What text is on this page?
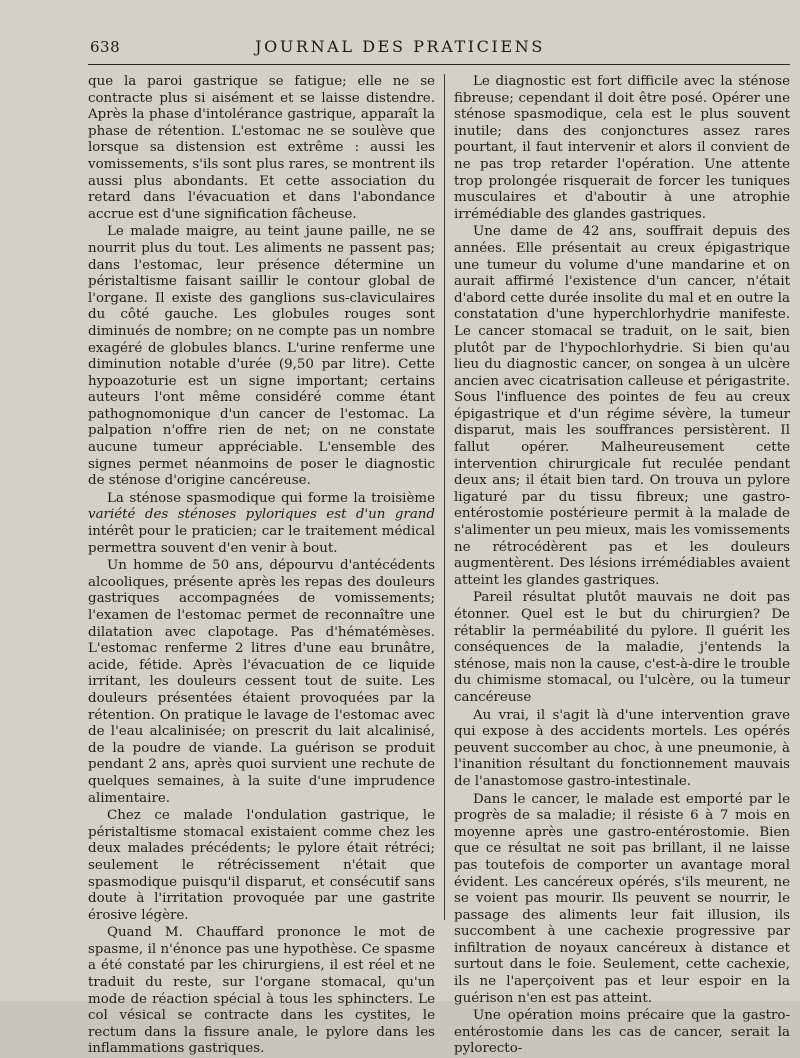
638	JOURNAL DES PRATICIENS

que la paroi gastrique se fatigue; elle ne se contracte plus si aisément et se laisse distendre. Après la phase d'intolérance gastrique, apparaît la phase de rétention. L'estomac ne se soulève que lorsque sa distension est extrême : aussi les vomissements, s'ils sont plus rares, se montrent ils aussi plus abondants. Et cette association du retard dans l'évacuation et dans l'abondance accrue est d'une signification fâcheuse.

Le malade maigre, au teint jaune paille, ne se nourrit plus du tout. Les aliments ne passent pas; dans l'estomac, leur présence détermine un péristaltisme faisant saillir le contour global de l'organe. Il existe des ganglions sus-claviculaires du côté gauche. Les globules rouges sont diminués de nombre; on ne compte pas un nombre exagéré de globules blancs. L'urine renferme une diminution notable d'urée (9,50 par litre). Cette hypoazoturie est un signe important; certains auteurs l'ont même considéré comme étant pathognomonique d'un cancer de l'estomac. La palpation n'offre rien de net; on ne constate aucune tumeur appréciable. L'ensemble des signes permet néanmoins de poser le diagnostic de sténose d'origine cancéreuse.

La sténose spasmodique qui forme la troisième variété des sténoses pyloriques est d'un grand intérêt pour le praticien; car le traitement médical permettra souvent d'en venir à bout.

Un homme de 50 ans, dépourvu d'antécédents alcooliques, présente après les repas des douleurs gastriques accompagnées de vomissements; l'examen de l'estomac permet de reconnaître une dilatation avec clapotage. Pas d'hématémèses. L'estomac renferme 2 litres d'une eau brunâtre, acide, fétide. Après l'évacuation de ce liquide irritant, les douleurs cessent tout de suite. Les douleurs présentées étaient provoquées par la rétention. On pratique le lavage de l'estomac avec de l'eau alcalinisée; on prescrit du lait alcalinisé, de la poudre de viande. La guérison se produit pendant 2 ans, après quoi survient une rechute de quelques semaines, à la suite d'une imprudence alimentaire.

Chez ce malade l'ondulation gastrique, le péristaltisme stomacal existaient comme chez les deux malades précédents; le pylore était rétréci; seulement le rétrécissement n'était que spasmodique puisqu'il disparut, et consécutif sans doute à l'irritation provoquée par une gastrite érosive légère.

Quand M. Chauffard prononce le mot de spasme, il n'énonce pas une hypothèse. Ce spasme a été constaté par les chirurgiens, il est réel et ne traduit du reste, sur l'organe stomacal, qu'un mode de réaction spécial à tous les sphincters. Le col vésical se contracte dans les cystites, le rectum dans la fissure anale, le pylore dans les inflammations gastriques.

Le diagnostic est fort difficile avec la sténose fibreuse; cependant il doit être posé. Opérer une sténose spasmodique, cela est le plus souvent inutile; dans des conjonctures assez rares pourtant, il faut intervenir et alors il convient de ne pas trop retarder l'opération. Une attente trop prolongée risquerait de forcer les tuniques musculaires et d'aboutir à une atrophie irrémédiable des glandes gastriques.

Une dame de 42 ans, souffrait depuis des années. Elle présentait au creux épigastrique une tumeur du volume d'une mandarine et on aurait affirmé l'existence d'un cancer, n'était d'abord cette durée insolite du mal et en outre la constatation d'une hyperchlorhydrie manifeste. Le cancer stomacal se traduit, on le sait, bien plutôt par de l'hypochlorhydrie. Si bien qu'au lieu du diagnostic cancer, on songea à un ulcère ancien avec cicatrisation calleuse et périgastrite. Sous l'influence des pointes de feu au creux épigastrique et d'un régime sévère, la tumeur disparut, mais les souffrances persistèrent. Il fallut opérer. Malheureusement cette intervention chirurgicale fut reculée pendant deux ans; il était bien tard. On trouva un pylore ligaturé par du tissu fibreux; une gastro-entérostomie postérieure permit à la malade de s'alimenter un peu mieux, mais les vomissements ne rétrocédèrent pas et les douleurs augmentèrent. Des lésions irrémédiables avaient atteint les glandes gastriques.

Pareil résultat plutôt mauvais ne doit pas étonner. Quel est le but du chirurgien? De rétablir la perméabilité du pylore. Il guérit les conséquences de la maladie, j'entends la sténose, mais non la cause, c'est-à-dire le trouble du chimisme stomacal, ou l'ulcère, ou la tumeur cancéreuse

Au vrai, il s'agit là d'une intervention grave qui expose à des accidents mortels. Les opérés peuvent succomber au choc, à une pneumonie, à l'inanition résultant du fonctionnement mauvais de l'anastomose gastro-intestinale.

Dans le cancer, le malade est emporté par le progrès de sa maladie; il résiste 6 à 7 mois en moyenne après une gastro-entérostomie. Bien que ce résultat ne soit pas brillant, il ne laisse pas toutefois de comporter un avantage moral évident. Les cancéreux opérés, s'ils meurent, ne se voient pas mourir. Ils peuvent se nourrir, le passage des aliments leur fait illusion, ils succombent à une cachexie progressive par infiltration de noyaux cancéreux à distance et surtout dans le foie. Seulement, cette cachexie, ils ne l'aperçoivent pas et leur espoir en la guérison n'en est pas atteint.

Une opération moins précaire que la gastro-entérostomie dans les cas de cancer, serait la pylorecto-
